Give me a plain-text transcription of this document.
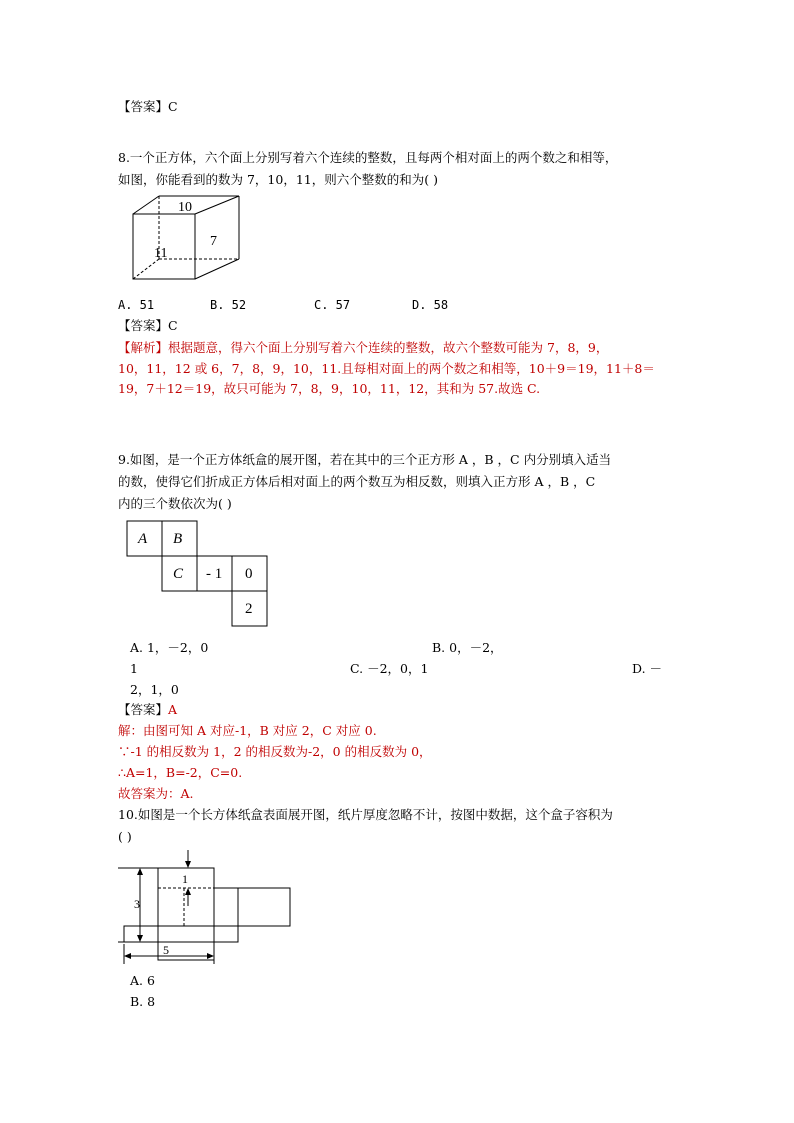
【答案】C
8.一个正方体，六个面上分别写着六个连续的整数，且每两个相对面上的两个数之和相等，
如图，你能看到的数为 7，10，11，则六个整数的和为( )
10
11
7
A. 51	B. 52	C. 57	D. 58
【答案】C
【解析】根据题意，得六个面上分别写着六个连续的整数，故六个整数可能为 7，8，9，
10，11，12 或 6，7，8，9，10，11.且每相对面上的两个数之和相等，10＋9＝19，11＋8＝
19，7＋12＝19，故只可能为 7，8，9，10，11，12，其和为 57.故选 C.
9.如图，是一个正方体纸盒的展开图，若在其中的三个正方形 A ，B ，C 内分别填入适当
的数，使得它们折成正方体后相对面上的两个数互为相反数，则填入正方形 A ，B ，C
内的三个数依次为( )
A B
C - 1 0
2
A. 1，－2，0	B. 0，－2，
1	C. －2，0，1	D. －
2，1，0
【答案】A
解：由图可知 A 对应-1，B 对应 2，C 对应 0.
∵-1 的相反数为 1，2 的相反数为-2，0 的相反数为 0，
∴A=1，B=-2，C=0.
故答案为：A.
10.如图是一个长方体纸盒表面展开图，纸片厚度忽略不计，按图中数据，这个盒子容积为
( )
1
3
5
A. 6
B. 8
